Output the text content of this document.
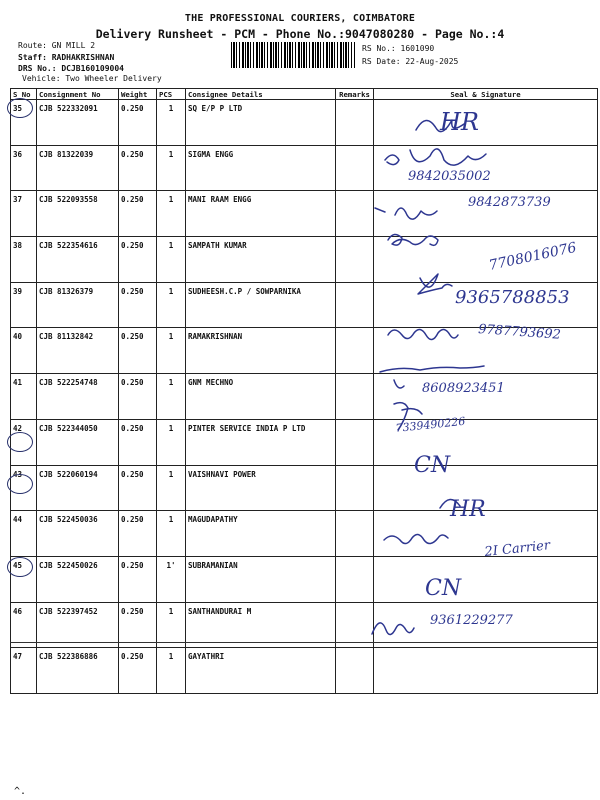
THE PROFESSIONAL COURIERS, COIMBATORE
Delivery Runsheet - PCM - Phone No.:9047080280 - Page No.:4
Route: GN MILL 2
Staff: RADHAKRISHNAN
DRS No.: DCJB160109004
Vehicle: Two Wheeler Delivery
RS No.: 1601090
RS Date: 22-Aug-2025
S No	Consignment No	Weight	PCS	Consignee Details	Remarks	Seal & Signature
35	CJB 522332091	0.250	1	SQ E/P P LTD		
36	CJB 81322039	0.250	1	SIGMA ENGG		
37	CJB 522093558	0.250	1	MANI RAAM ENGG		
38	CJB 522354616	0.250	1	SAMPATH KUMAR		
39	CJB 81326379	0.250	1	SUDHEESH.C.P / SOWPARNIKA		
40	CJB 81132842	0.250	1	RAMAKRISHNAN		
41	CJB 522254748	0.250	1	GNM MECHNO		
42	CJB 522344050	0.250	1	PINTER SERVICE INDIA P LTD		
43	CJB 522060194	0.250	1	VAISHNAVI POWER		
44	CJB 522450036	0.250	1	MAGUDAPATHY		
45	CJB 522450026	0.250	1'	SUBRAMANIAN		
46	CJB 522397452	0.250	1	SANTHANDURAI M		
47	CJB 522386886	0.250	1	GAYATHRI		
HR
9842035002
9842873739
7708016076
9365788853
9787793692
8608923451
7339490226
CN
HR
2I Carrier
CN
9361229277
^.
